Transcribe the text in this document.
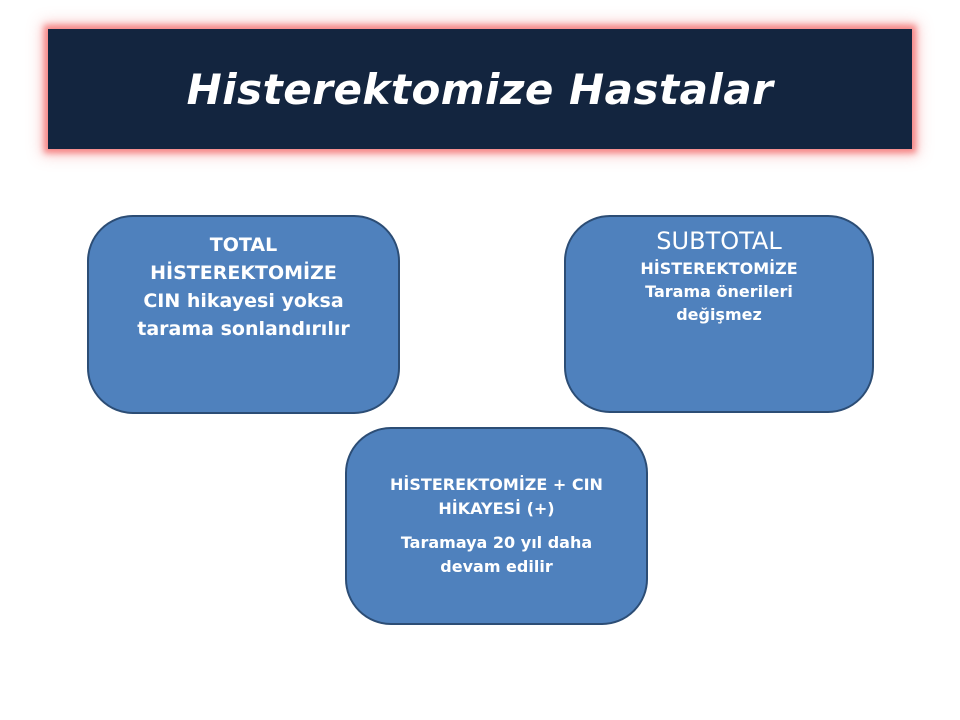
Histerektomize Hastalar
TOTAL
HİSTEREKTOMİZE
CIN hikayesi yoksa
tarama sonlandırılır
SUBTOTAL
HİSTEREKTOMİZE
Tarama önerileri
değişmez
HİSTEREKTOMİZE + CIN
HİKAYESİ (+)
Taramaya 20 yıl daha
devam edilir
